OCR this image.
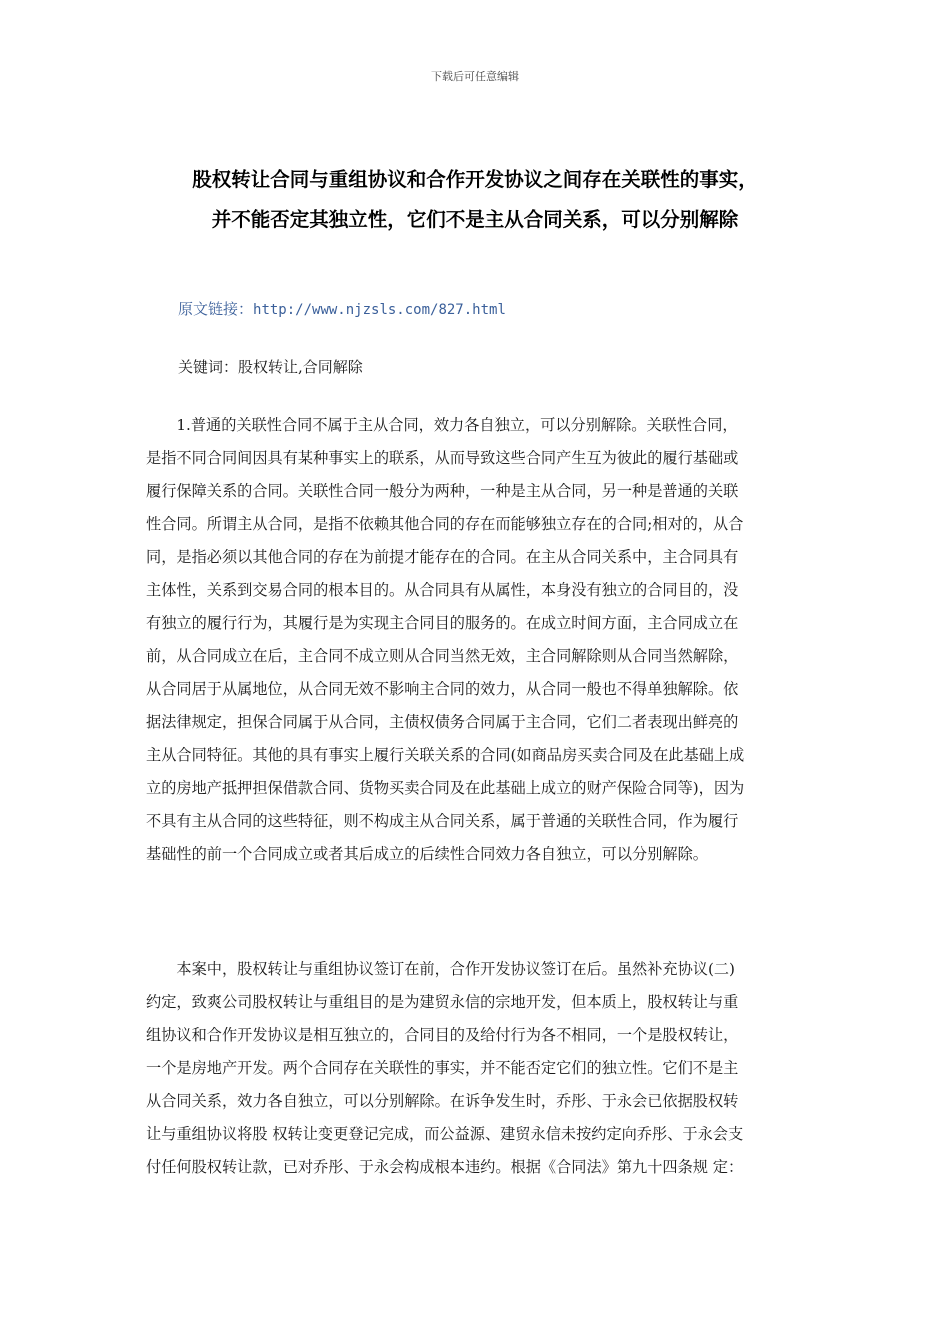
下载后可任意编辑
股权转让合同与重组协议和合作开发协议之间存在关联性的事实，
并不能否定其独立性，它们不是主从合同关系，可以分别解除
原文链接：http://www.njzsls.com/827.html
关键词：股权转让,合同解除
　　1.普通的关联性合同不属于主从合同，效力各自独立，可以分别解除。关联性合同，
是指不同合同间因具有某种事实上的联系，从而导致这些合同产生互为彼此的履行基础或
履行保障关系的合同。关联性合同一般分为两种，一种是主从合同，另一种是普通的关联
性合同。所谓主从合同，是指不依赖其他合同的存在而能够独立存在的合同;相对的，从合
同，是指必须以其他合同的存在为前提才能存在的合同。在主从合同关系中，主合同具有
主体性，关系到交易合同的根本目的。从合同具有从属性，本身没有独立的合同目的，没
有独立的履行行为，其履行是为实现主合同目的服务的。在成立时间方面，主合同成立在
前，从合同成立在后，主合同不成立则从合同当然无效，主合同解除则从合同当然解除，
从合同居于从属地位，从合同无效不影响主合同的效力，从合同一般也不得单独解除。依
据法律规定，担保合同属于从合同，主债权债务合同属于主合同，它们二者表现出鲜亮的
主从合同特征。其他的具有事实上履行关联关系的合同(如商品房买卖合同及在此基础上成
立的房地产抵押担保借款合同、货物买卖合同及在此基础上成立的财产保险合同等)，因为
不具有主从合同的这些特征，则不构成主从合同关系，属于普通的关联性合同，作为履行
基础性的前一个合同成立或者其后成立的后续性合同效力各自独立，可以分别解除。
　　本案中，股权转让与重组协议签订在前，合作开发协议签订在后。虽然补充协议(二)
约定，致爽公司股权转让与重组目的是为建贸永信的宗地开发，但本质上，股权转让与重
组协议和合作开发协议是相互独立的，合同目的及给付行为各不相同，一个是股权转让，
一个是房地产开发。两个合同存在关联性的事实，并不能否定它们的独立性。它们不是主
从合同关系，效力各自独立，可以分别解除。在诉争发生时，乔彤、于永会已依据股权转
让与重组协议将股 权转让变更登记完成，而公益源、建贸永信未按约定向乔彤、于永会支
付任何股权转让款，已对乔彤、于永会构成根本违约。根据《合同法》第九十四条规 定：
